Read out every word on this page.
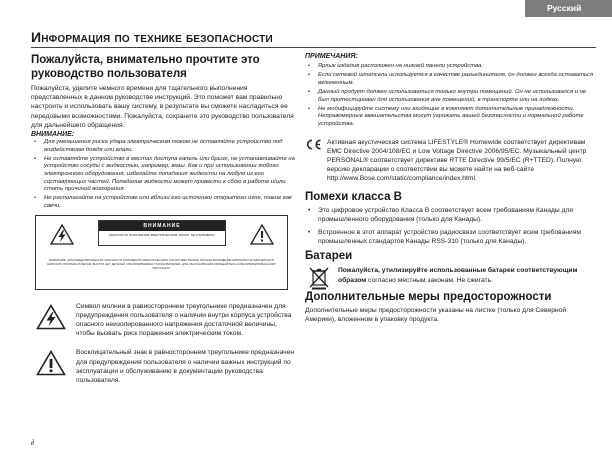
Русский
Информация по технике безопасности
Пожалуйста, внимательно прочтите это руководство пользователя
Пожалуйста, уделите немного времени для тщательного выполнения представленных в данном руководстве инструкций. Это поможет вам правильно настроить и использовать вашу систему, в результате вы сможете насладиться ее передовыми возможностями. Пожалуйста, сохраните это руководство пользователя для дальнейшего обращения.
ВНИМАНИЕ:
• Для уменьшения риска удара электрическим током не оставляйте устройство под воздействием дождя или влаги.
• Не оставляйте устройство в местах доступа капель или брызг, не устанавливайте на устройство сосуды с жидкостью, например, вазы. Как и при использовании любого электронного оборудования, избегайте попадания жидкости на любую из его составляющих частей. Попадание жидкости может привести к сбою в работе и/или стать причиной возгорания.
• Не располагайте на устройстве или вблизи его источники открытого огня, такие как свечи.
ВНИМАНИЕ
ОПАСНОСТЬ ПОРАЖЕНИЯ ЭЛЕКТРИЧЕСКИМ ТОКОМ. НЕ ОТКРЫВАТЬ.
ВНИМАНИЕ: ДЛЯ ПРЕДОТВРАЩЕНИЯ ОПАСНОСТИ ПОРАЖЕНИЯ ЭЛЕКТРИЧЕСКИМ ТОКОМ ОБЕСПЕЧЬТЕ ПОЛНОЕ ВХОЖДЕНИЕ ШИРОКОГО ШТЫРЯ ВИЛКИ В ШИРОКУЮ ПРОРЕЗЬ РОЗЕТКИ. ВНУТРИ НЕТ ДЕТАЛЕЙ, ОБСЛУЖИВАЕМЫХ ПОЛЬЗОВАТЕЛЕМ. ДЛЯ ОБСЛУЖИВАНИЯ ОБРАЩАЙТЕСЬ К КВАЛИФИЦИРОВАННОМУ ПЕРСОНАЛУ.
Символ молнии в равностороннем треугольнике предназначен для предупреждения пользователя о наличии внутри корпуса устройства опасного неизолированного напряжения достаточной величины, чтобы вызвать риск поражения электрическим током.
Восклицательный знак в равностороннем треугольнике предназначен для предупреждения пользователя о наличии важных инструкций по эксплуатации и обслуживанию в документации руководства пользователя.
ПРИМЕЧАНИЯ:
• Ярлык изделия расположен на нижней панели устройства.
• Если сетевой штепсель используется в качестве разъединителя, он должен всегда оставаться включенным.
• Данный продукт должен использоваться только внутри помещений. Он не использовался и не был протестирован для использования вне помещений, в транспорте или на лодках.
• Не модифицируйте систему или входящие в комплект дополнительные принадлежности. Неправомерные вмешательства могут угрожать вашей безопасности и нормальной работе устройства.
Активная акустическая система LIFESTYLE® Homewide соответствует директивам EMC Directive 2004/108/EC и Low Voltage Directive 2006/95/EC. Музыкальный центр PERSONAL® соответствует директиве RTTE Directive 99/5/EC (R+TTED). Полную версию декларации о соответствии вы можете найти на веб-сайте http://www.Bose.com/static/compliance/index.html.
Помехи класса B
• Это цифровое устройство Класса B соответствует всем требованиям Канады для промышленного оборудования (только для Канады).
• Встроенное в этот аппарат устройство радиосвязи соответствует всем требованиям промышленных стандартов Канады RSS-310 (только для Канады).
Батареи
Пожалуйста, утилизируйте использованные батареи соответствующим образом согласно местным законам. Не сжигать.
Дополнительные меры предосторожности
Дополнительные меры предосторожности указаны на листке (только для Северной Америки), вложенном в упаковку продукта.
ii
